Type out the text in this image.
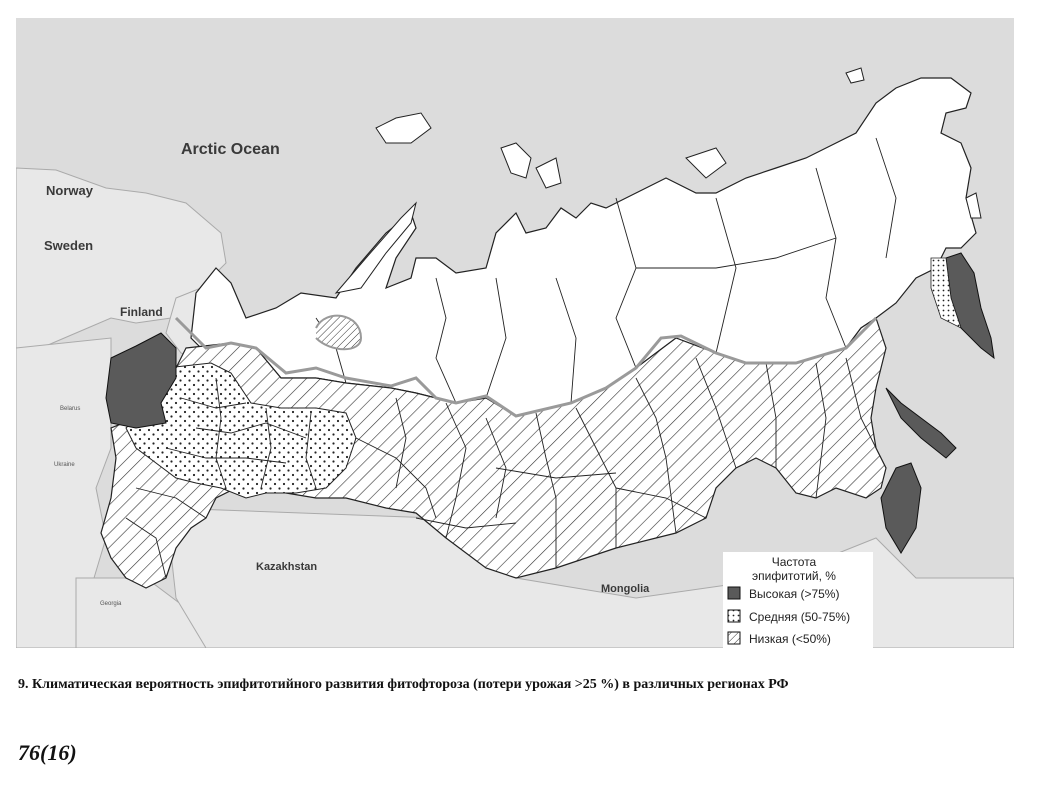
Arctic Ocean
Norway
Sweden
Finland
Kazakhstan
Mongolia
Belarus
Ukraine
Georgia
Частота
эпифитотий, %
Высокая (>75%)
Средняя (50-75%)
Низкая (<50%)
9. Климатическая вероятность эпифитотийного развития фитофтороза (потери урожая >25 %) в различных регионах РФ
76(16)
